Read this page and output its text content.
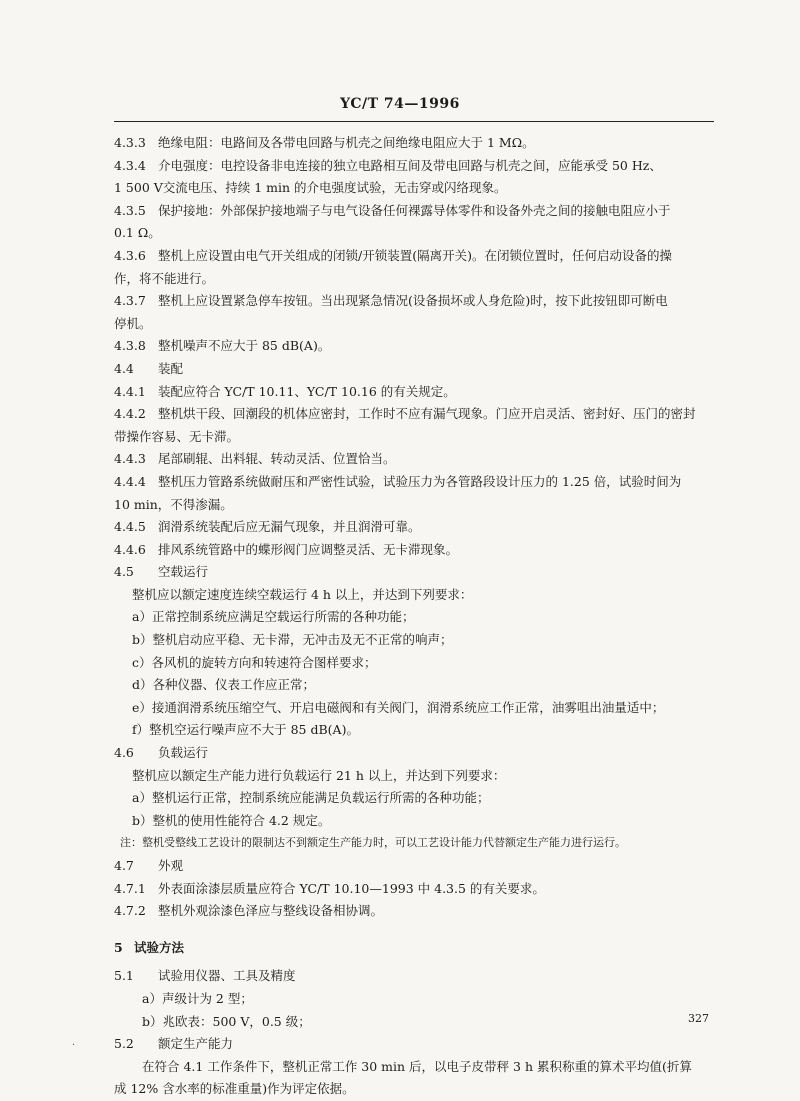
YC/T 74—1996
4.3.3 绝缘电阻：电路间及各带电回路与机壳之间绝缘电阻应大于 1 MΩ。
4.3.4 介电强度：电控设备非电连接的独立电路相互间及带电回路与机壳之间，应能承受 50 Hz、
1 500 V交流电压、持续 1 min 的介电强度试验，无击穿或闪络现象。
4.3.5 保护接地：外部保护接地端子与电气设备任何裸露导体零件和设备外壳之间的接触电阻应小于
0.1 Ω。
4.3.6 整机上应设置由电气开关组成的闭锁/开锁装置(隔离开关)。在闭锁位置时，任何启动设备的操
作，将不能进行。
4.3.7 整机上应设置紧急停车按钮。当出现紧急情况(设备损坏或人身危险)时，按下此按钮即可断电
停机。
4.3.8 整机噪声不应大于 85 dB(A)。
4.4 装配
4.4.1 装配应符合 YC/T 10.11、YC/T 10.16 的有关规定。
4.4.2 整机烘干段、回潮段的机体应密封，工作时不应有漏气现象。门应开启灵活、密封好、压门的密封
带操作容易、无卡滞。
4.4.3 尾部刷辊、出料辊、转动灵活、位置恰当。
4.4.4 整机压力管路系统做耐压和严密性试验，试验压力为各管路段设计压力的 1.25 倍，试验时间为
10 min，不得渗漏。
4.4.5 润滑系统装配后应无漏气现象，并且润滑可靠。
4.4.6 排风系统管路中的蝶形阀门应调整灵活、无卡滞现象。
4.5 空载运行
整机应以额定速度连续空载运行 4 h 以上，并达到下列要求：
a）正常控制系统应满足空载运行所需的各种功能；
b）整机启动应平稳、无卡滞，无冲击及无不正常的响声；
c）各风机的旋转方向和转速符合图样要求；
d）各种仪器、仪表工作应正常；
e）接通润滑系统压缩空气、开启电磁阀和有关阀门，润滑系统应工作正常，油雾咀出油量适中；
f）整机空运行噪声应不大于 85 dB(A)。
4.6 负载运行
整机应以额定生产能力进行负载运行 21 h 以上，并达到下列要求：
a）整机运行正常，控制系统应能满足负载运行所需的各种功能；
b）整机的使用性能符合 4.2 规定。
注：整机受整线工艺设计的限制达不到额定生产能力时，可以工艺设计能力代替额定生产能力进行运行。
4.7 外观
4.7.1 外表面涂漆层质量应符合 YC/T 10.10—1993 中 4.3.5 的有关要求。
4.7.2 整机外观涂漆色泽应与整线设备相协调。
5 试验方法
5.1 试验用仪器、工具及精度
a）声级计为 2 型；
b）兆欧表：500 V，0.5 级；
5.2 额定生产能力
在符合 4.1 工作条件下，整机正常工作 30 min 后，以电子皮带秤 3 h 累积称重的算术平均值(折算
成 12% 含水率的标准重量)作为评定依据。
327
·
